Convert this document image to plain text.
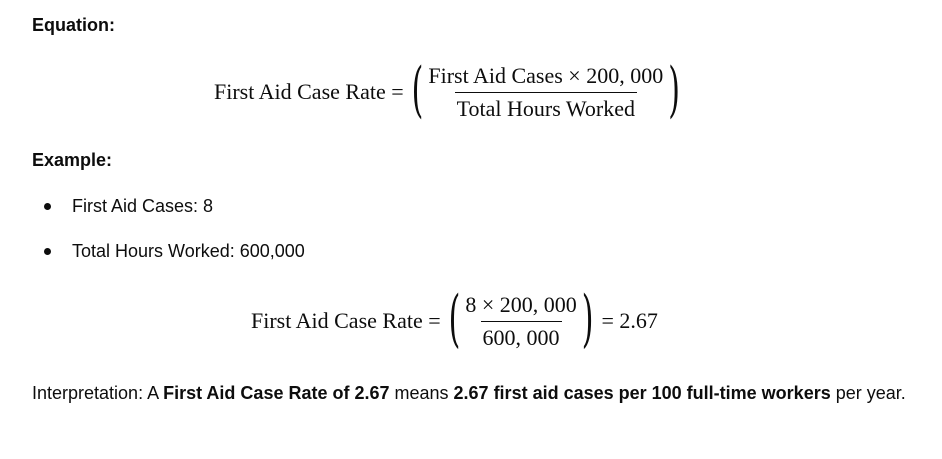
Equation:
First Aid Case Rate = ( $\frac{\text{First Aid Cases × 200, 000}}{\text{Total Hours Worked}}$ )
Example:
First Aid Cases: 8
Total Hours Worked: 600,000
First Aid Case Rate = ( $\frac{8 \times 200, 000}{600, 000}$ ) = 2.67

Interpretation: A First Aid Case Rate of 2.67 means 2.67 first aid cases per 100 full-time workers per year.
